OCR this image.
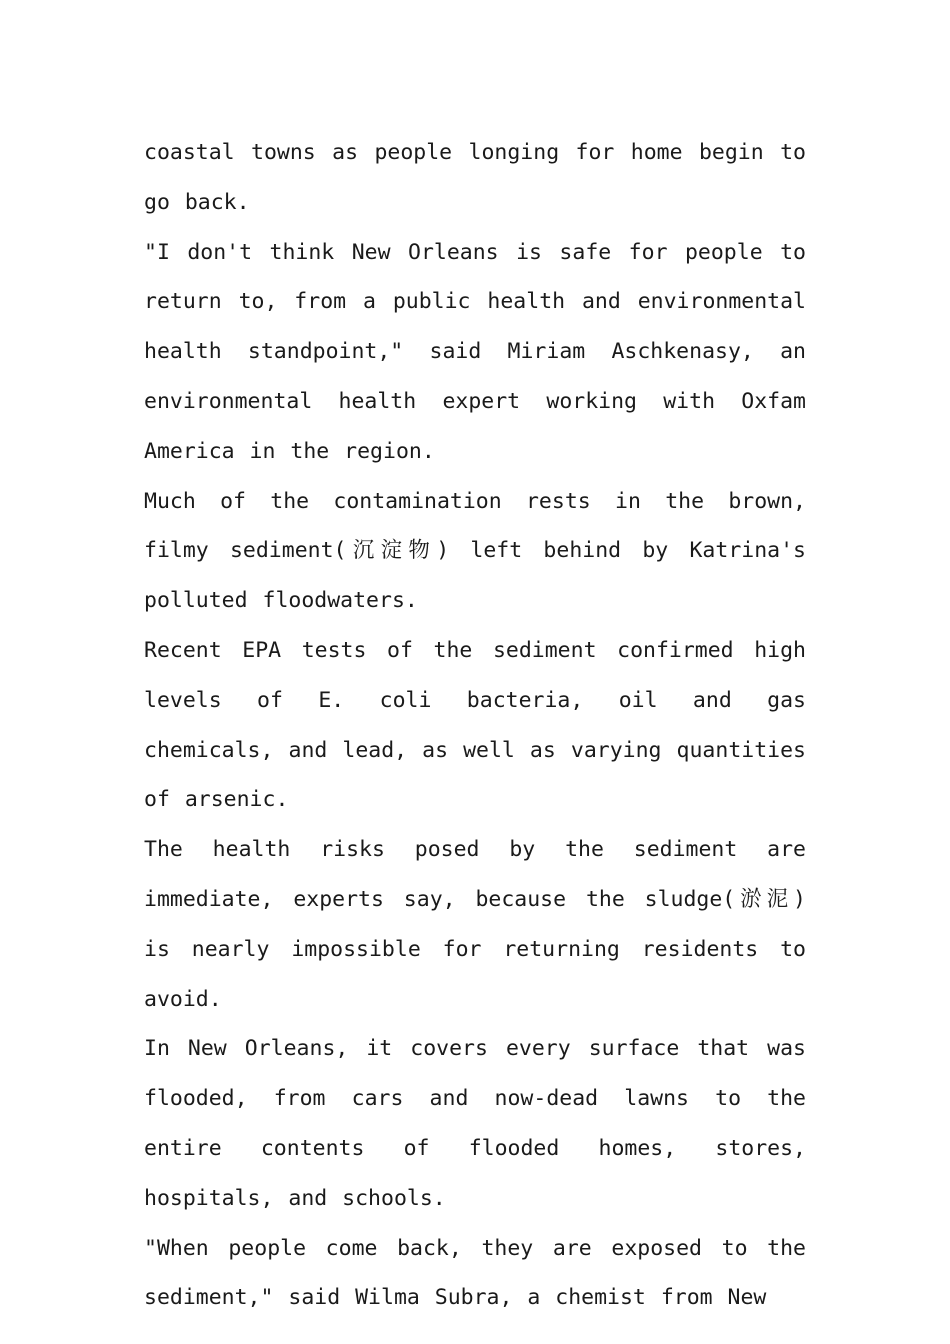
coastal towns as people longing for home begin to go back.

"I don't think New Orleans is safe for people to return to, from a public health and environmental health standpoint," said Miriam Aschkenasy, an environmental health expert working with Oxfam America in the region.

Much of the contamination rests in the brown, filmy sediment(沉淀物) left behind by Katrina's polluted floodwaters.

Recent EPA tests of the sediment confirmed high levels of E. coli bacteria, oil and gas chemicals, and lead, as well as varying quantities of arsenic.

The health risks posed by the sediment are immediate, experts say, because the sludge(淤泥) is nearly impossible for returning residents to avoid.

In New Orleans, it covers every surface that was flooded, from cars and now-dead lawns to the entire contents of flooded homes, stores, hospitals, and schools.

"When people come back, they are exposed to the sediment," said Wilma Subra, a chemist from New
